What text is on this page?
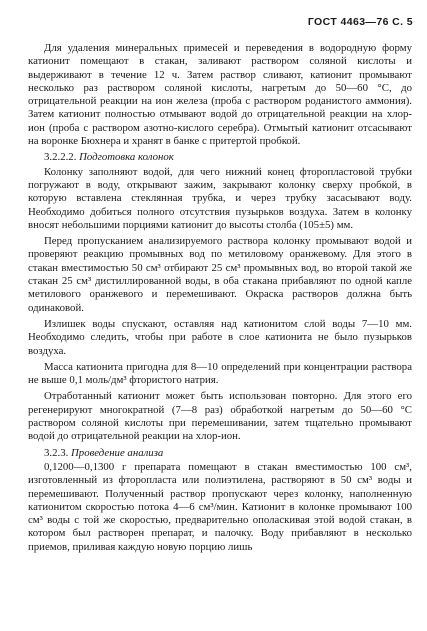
ГОСТ 4463—76 С. 5

Для удаления минеральных примесей и переведения в водородную форму катионит помещают в стакан, заливают раствором соляной кислоты и выдерживают в течение 12 ч. Затем раствор сливают, катионит промывают несколько раз раствором соляной кислоты, нагретым до 50—60 °С, до отрицательной реакции на ион железа (проба с раствором роданистого аммония). Затем катионит полностью отмывают водой до отрицательной реакции на хлор-ион (проба с раствором азотно-кислого серебра). Отмытый катионит отсасывают на воронке Бюхнера и хранят в банке с притертой пробкой.

3.2.2.2. Подготовка колонок

Колонку заполняют водой, для чего нижний конец фторопластовой трубки погружают в воду, открывают зажим, закрывают колонку сверху пробкой, в которую вставлена стеклянная трубка, и через трубку засасывают воду. Необходимо добиться полного отсутствия пузырьков воздуха. Затем в колонку вносят небольшими порциями катионит до высоты столба (105±5) мм.

Перед пропусканием анализируемого раствора колонку промывают водой и проверяют реакцию промывных вод по метиловому оранжевому. Для этого в стакан вместимостью 50 см³ отбирают 25 см³ промывных вод, во второй такой же стакан 25 см³ дистиллированной воды, в оба стакана прибавляют по одной капле метилового оранжевого и перемешивают. Окраска растворов должна быть одинаковой.

Излишек воды спускают, оставляя над катионитом слой воды 7—10 мм. Необходимо следить, чтобы при работе в слое катионита не было пузырьков воздуха.

Масса катионита пригодна для 8—10 определений при концентрации раствора не выше 0,1 моль/дм³ фтористого натрия.

Отработанный катионит может быть использован повторно. Для этого его регенерируют многократной (7—8 раз) обработкой нагретым до 50—60 °С раствором соляной кислоты при перемешивании, затем тщательно промывают водой до отрицательной реакции на хлор-ион.

3.2.3. Проведение анализа

0,1200—0,1300 г препарата помещают в стакан вместимостью 100 см³, изготовленный из фторопласта или полиэтилена, растворяют в 50 см³ воды и перемешивают. Полученный раствор пропускают через колонку, наполненную катионитом скоростью потока 4—6 см³/мин. Катионит в колонке промывают 100 см³ воды с той же скоростью, предварительно ополаскивая этой водой стакан, в котором был растворен препарат, и палочку. Воду прибавляют в несколько приемов, приливая каждую новую порцию лишь
